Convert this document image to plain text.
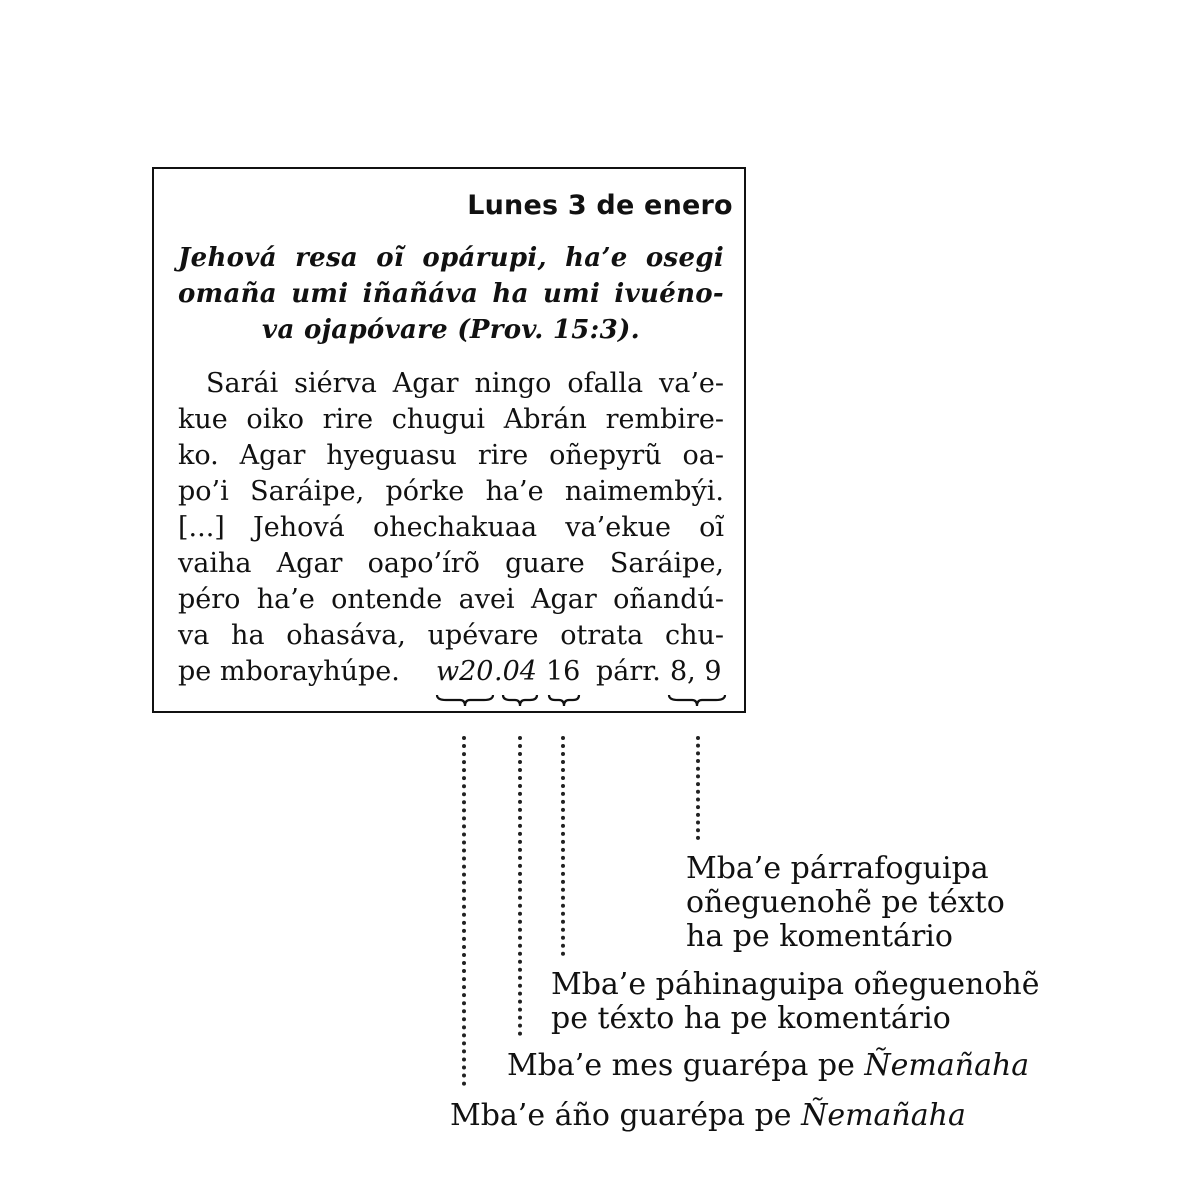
Lunes 3 de enero
Jehová resa oĩ opárupi, ha’e osegi
omaña umi iñañáva ha umi ivuéno-
va ojapóvare (Prov. 15:3).
Sarái siérva Agar ningo ofalla va’e-
kue oiko rire chugui Abrán rembire-
ko. Agar hyeguasu rire oñepyrũ oa-
po’i Saráipe, pórke ha’e naimembýi.
[...] Jehová ohechakuaa va’ekue oĩ
vaiha Agar oapo’írõ guare Saráipe,
péro ha’e ontende avei Agar oñandú-
va ha ohasáva, upévare otrata chu-
pe mborayhúpe. w20 .04 16 párr. 8, 9
Mba’e párrafoguipa
oñeguenohẽ pe téxto
ha pe komentário
Mba’e páhinaguipa oñeguenohẽ
pe téxto ha pe komentário
Mba’e mes guarépa pe Ñemañaha
Mba’e áño guarépa pe Ñemañaha
